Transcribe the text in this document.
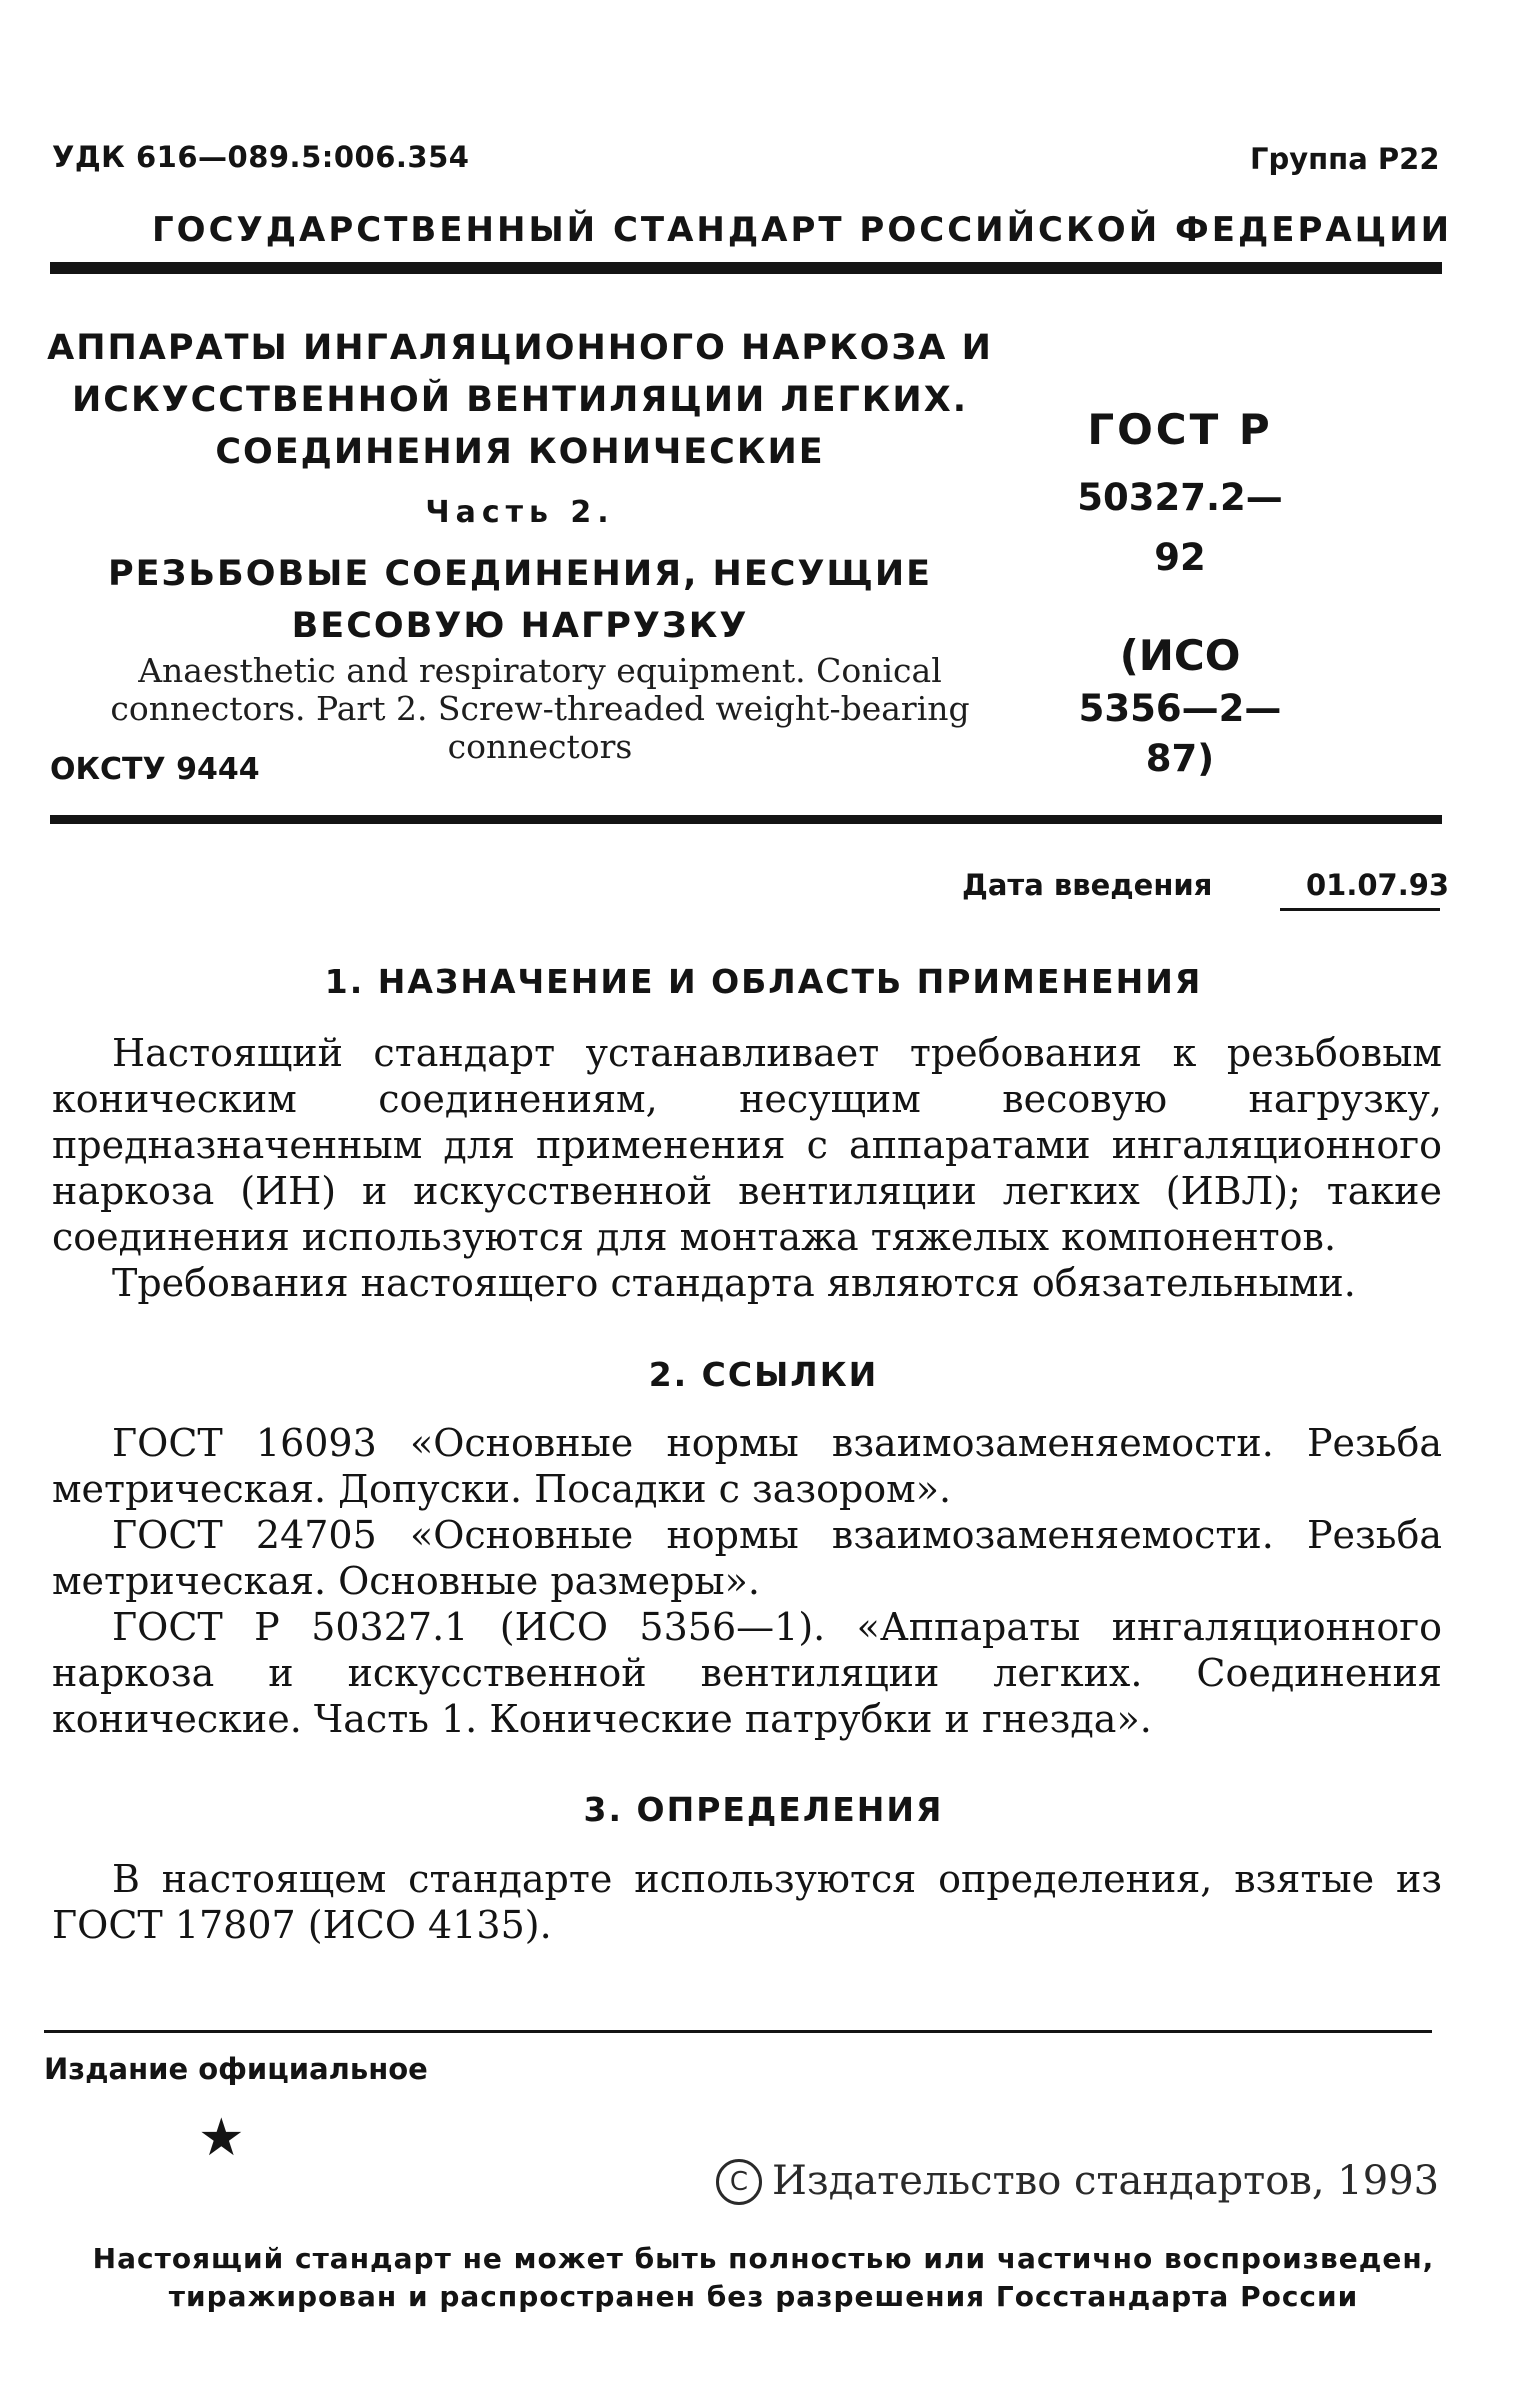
УДК 616—089.5:006.354	Группа Р22
ГОСУДАРСТВЕННЫЙ СТАНДАРТ РОССИЙСКОЙ ФЕДЕРАЦИИ
АППАРАТЫ ИНГАЛЯЦИОННОГО НАРКОЗА И
ИСКУССТВЕННОЙ ВЕНТИЛЯЦИИ ЛЕГКИХ.
СОЕДИНЕНИЯ КОНИЧЕСКИЕ
Часть 2.
РЕЗЬБОВЫЕ СОЕДИНЕНИЯ, НЕСУЩИЕ
ВЕСОВУЮ НАГРУЗКУ
Anaesthetic and respiratory equipment. Conical connectors. Part 2. Screw-threaded weight-bearing connectors
ОКСТУ 9444
ГОСТ Р
50327.2—92
(ИСО
5356—2—87)
Дата введения	01.07.93
1. НАЗНАЧЕНИЕ И ОБЛАСТЬ ПРИМЕНЕНИЯ
Настоящий стандарт устанавливает требования к резьбовым коническим соединениям, несущим весовую нагрузку, предназначенным для применения с аппаратами ингаляционного наркоза (ИН) и искусственной вентиляции легких (ИВЛ); такие соединения используются для монтажа тяжелых компонентов.
Требования настоящего стандарта являются обязательными.
2. ССЫЛКИ
ГОСТ 16093 «Основные нормы взаимозаменяемости. Резьба метрическая. Допуски. Посадки с зазором».
ГОСТ 24705 «Основные нормы взаимозаменяемости. Резьба метрическая. Основные размеры».
ГОСТ Р 50327.1 (ИСО 5356—1). «Аппараты ингаляционного наркоза и искусственной вентиляции легких. Соединения конические. Часть 1. Конические патрубки и гнезда».
3. ОПРЕДЕЛЕНИЯ
В настоящем стандарте используются определения, взятые из ГОСТ 17807 (ИСО 4135).
Издание официальное
★
C Издательство стандартов, 1993
Настоящий стандарт не может быть полностью или частично воспроизведен,
тиражирован и распространен без разрешения Госстандарта России
